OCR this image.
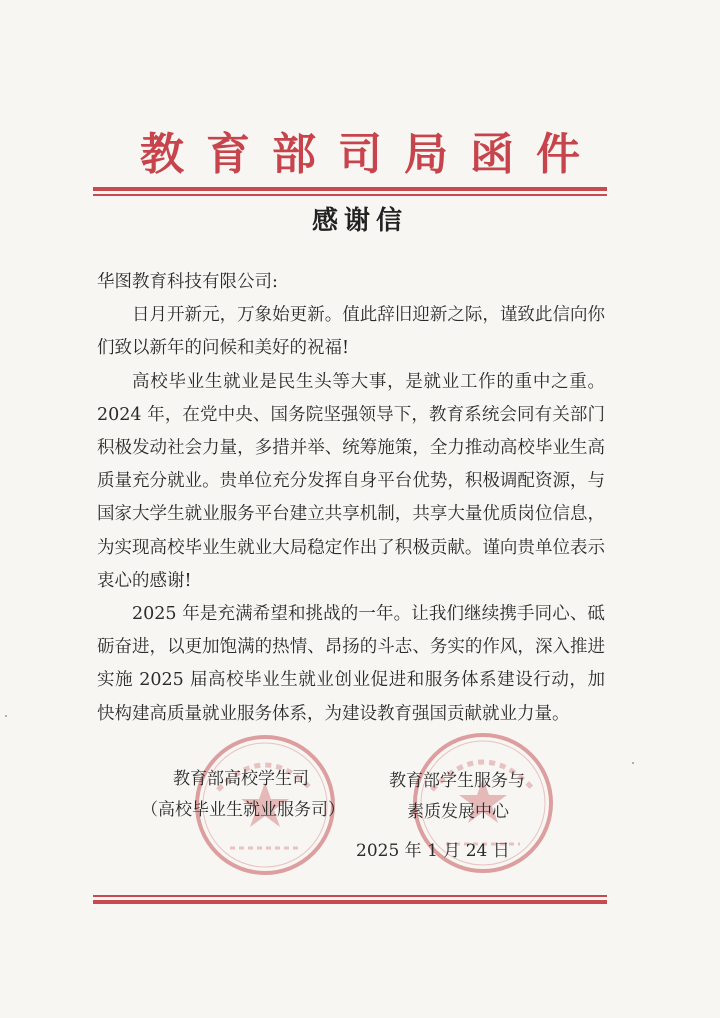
教育部司局函件
感谢信

华图教育科技有限公司:

日月开新元，万象始更新。值此辞旧迎新之际，谨致此信向你们致以新年的问候和美好的祝福!

高校毕业生就业是民生头等大事，是就业工作的重中之重。2024 年，在党中央、国务院坚强领导下，教育系统会同有关部门积极发动社会力量，多措并举、统筹施策，全力推动高校毕业生高质量充分就业。贵单位充分发挥自身平台优势，积极调配资源，与国家大学生就业服务平台建立共享机制，共享大量优质岗位信息，为实现高校毕业生就业大局稳定作出了积极贡献。谨向贵单位表示衷心的感谢!

2025 年是充满希望和挑战的一年。让我们继续携手同心、砥砺奋进，以更加饱满的热情、昂扬的斗志、务实的作风，深入推进实施 2025 届高校毕业生就业创业促进和服务体系建设行动，加快构建高质量就业服务体系，为建设教育强国贡献就业力量。

教育部高校学生司
（高校毕业生就业服务司）
教育部学生服务与
素质发展中心
2025 年 1 月 24 日
